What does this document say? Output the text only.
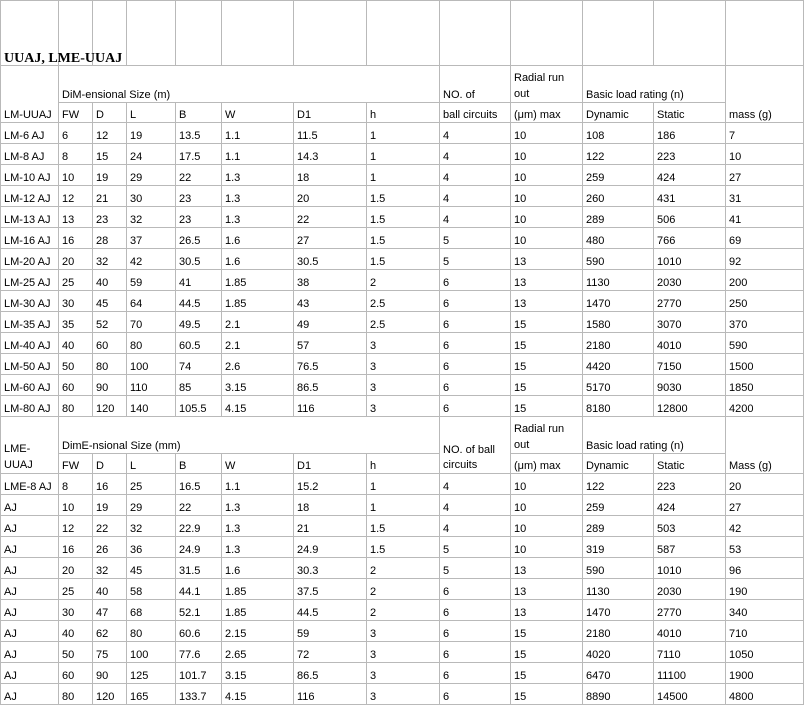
UUAJ, LME-UUAJ												
LM-UUAJ	DiM-ensional Size (m)							NO. of	Radial run out	Basic load rating (n)		mass (g)
	FW	D	L	B	W	D1	h	ball circuits	(μm) max	Dynamic	Static	
LM-6 AJ	6	12	19	13.5	1.1	11.5	1	4	10	108	186	7
LM-8 AJ	8	15	24	17.5	1.1	14.3	1	4	10	122	223	10
LM-10 AJ	10	19	29	22	1.3	18	1	4	10	259	424	27
LM-12 AJ	12	21	30	23	1.3	20	1.5	4	10	260	431	31
LM-13 AJ	13	23	32	23	1.3	22	1.5	4	10	289	506	41
LM-16 AJ	16	28	37	26.5	1.6	27	1.5	5	10	480	766	69
LM-20 AJ	20	32	42	30.5	1.6	30.5	1.5	5	13	590	1010	92
LM-25 AJ	25	40	59	41	1.85	38	2	6	13	1130	2030	200
LM-30 AJ	30	45	64	44.5	1.85	43	2.5	6	13	1470	2770	250
LM-35 AJ	35	52	70	49.5	2.1	49	2.5	6	15	1580	3070	370
LM-40 AJ	40	60	80	60.5	2.1	57	3	6	15	2180	4010	590
LM-50 AJ	50	80	100	74	2.6	76.5	3	6	15	4420	7150	1500
LM-60 AJ	60	90	110	85	3.15	86.5	3	6	15	5170	9030	1850
LM-80 AJ	80	120	140	105.5	4.15	116	3	6	15	8180	12800	4200
LME-UUAJ	DimE-nsional Size (mm)							NO. of ball circuits	Radial run out	Basic load rating (n)		Mass (g)
	FW	D	L	B	W	D1	h		(μm) max	Dynamic	Static	
LME-8 AJ	8	16	25	16.5	1.1	15.2	1	4	10	122	223	20
AJ	10	19	29	22	1.3	18	1	4	10	259	424	27
AJ	12	22	32	22.9	1.3	21	1.5	4	10	289	503	42
AJ	16	26	36	24.9	1.3	24.9	1.5	5	10	319	587	53
AJ	20	32	45	31.5	1.6	30.3	2	5	13	590	1010	96
AJ	25	40	58	44.1	1.85	37.5	2	6	13	1130	2030	190
AJ	30	47	68	52.1	1.85	44.5	2	6	13	1470	2770	340
AJ	40	62	80	60.6	2.15	59	3	6	15	2180	4010	710
AJ	50	75	100	77.6	2.65	72	3	6	15	4020	7110	1050
AJ	60	90	125	101.7	3.15	86.5	3	6	15	6470	11100	1900
AJ	80	120	165	133.7	4.15	116	3	6	15	8890	14500	4800
